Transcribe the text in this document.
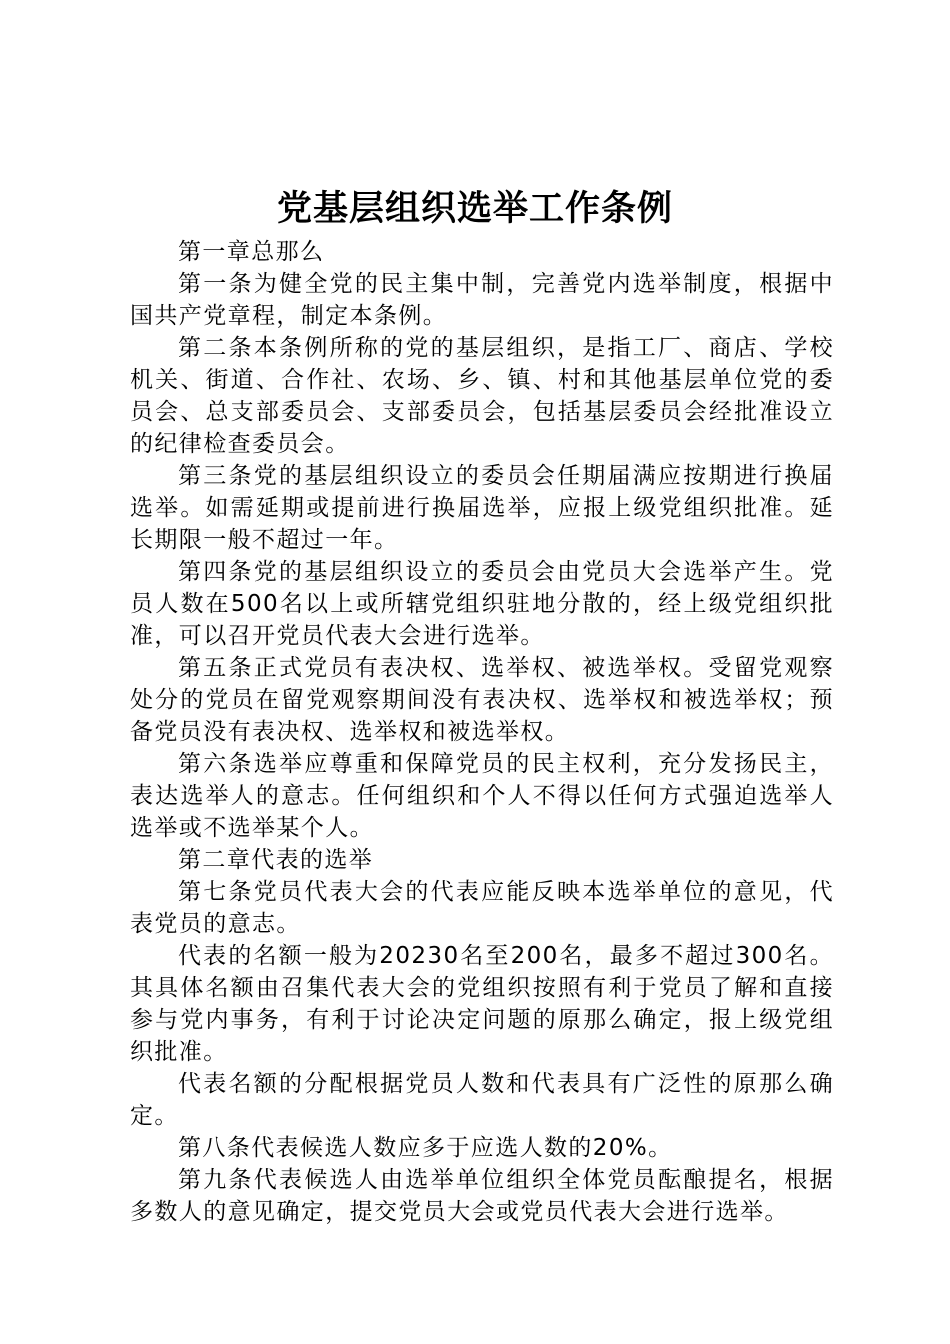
党基层组织选举工作条例

第一章总那么

第一条为健全党的民主集中制，完善党内选举制度，根据中国共产党章程，制定本条例。

第二条本条例所称的党的基层组织，是指工厂、商店、学校机关、街道、合作社、农场、乡、镇、村和其他基层单位党的委员会、总支部委员会、支部委员会，包括基层委员会经批准设立的纪律检查委员会。

第三条党的基层组织设立的委员会任期届满应按期进行换届选举。如需延期或提前进行换届选举，应报上级党组织批准。延长期限一般不超过一年。

第四条党的基层组织设立的委员会由党员大会选举产生。党员人数在500名以上或所辖党组织驻地分散的，经上级党组织批准，可以召开党员代表大会进行选举。

第五条正式党员有表决权、选举权、被选举权。受留党观察处分的党员在留党观察期间没有表决权、选举权和被选举权；预备党员没有表决权、选举权和被选举权。

第六条选举应尊重和保障党员的民主权利，充分发扬民主，表达选举人的意志。任何组织和个人不得以任何方式强迫选举人选举或不选举某个人。

第二章代表的选举

第七条党员代表大会的代表应能反映本选举单位的意见，代表党员的意志。

代表的名额一般为20230名至200名，最多不超过300名。其具体名额由召集代表大会的党组织按照有利于党员了解和直接参与党内事务，有利于讨论决定问题的原那么确定，报上级党组织批准。

代表名额的分配根据党员人数和代表具有广泛性的原那么确定。

第八条代表候选人数应多于应选人数的20%。

第九条代表候选人由选举单位组织全体党员酝酿提名，根据多数人的意见确定，提交党员大会或党员代表大会进行选举。
